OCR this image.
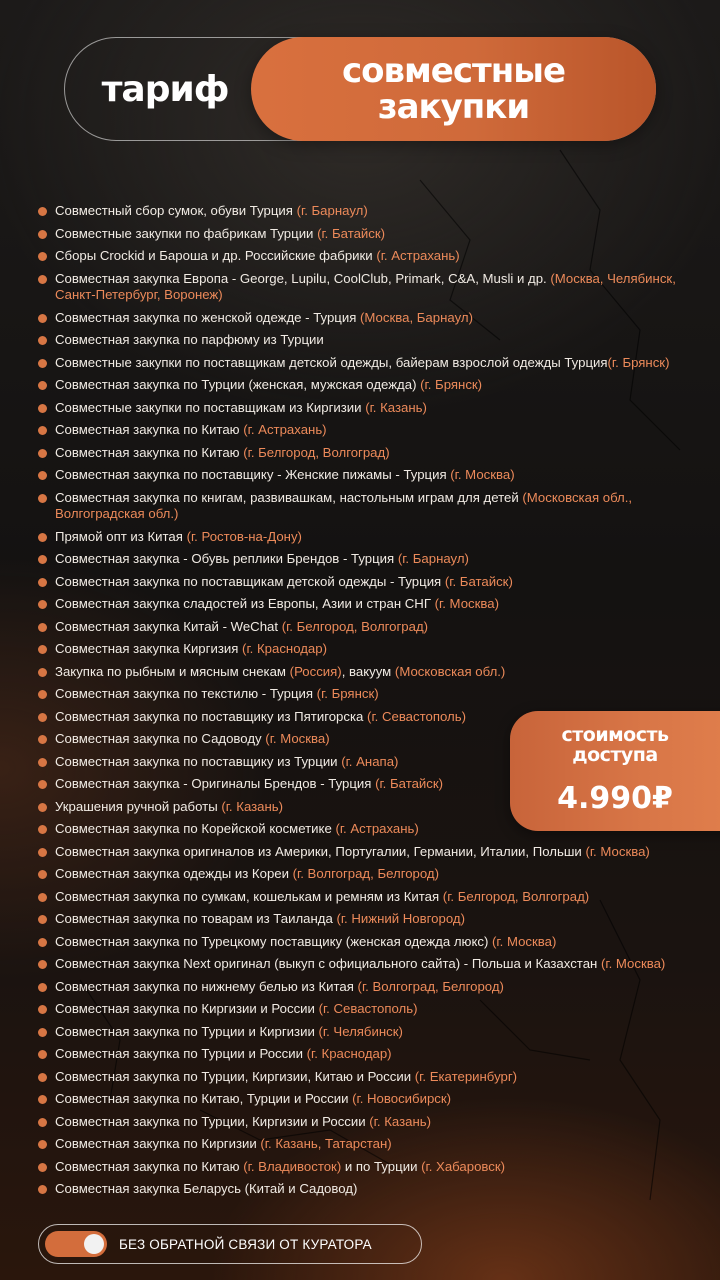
тариф	совместные
закупки
Совместный сбор сумок, обуви Турция (г. Барнаул)
Совместные закупки по фабрикам Турции (г. Батайск)
Сборы Crockid и Бароша и др. Российские фабрики (г. Астрахань)
Совместная закупка Европа - George, Lupilu, CoolClub, Primark, C&A, Musli и др. (Москва, Челябинск, Санкт-Петербург, Воронеж)
Совместная закупка по женской одежде - Турция (Москва, Барнаул)
Совместная закупка по парфюму из Турции
Совместные закупки по поставщикам детской одежды, байерам взрослой одежды Турция(г. Брянск)
Совместная закупка по Турции (женская, мужская одежда) (г. Брянск)
Совместные закупки по поставщикам из Киргизии (г. Казань)
Совместная закупка по Китаю (г. Астрахань)
Совместная закупка по Китаю (г. Белгород, Волгоград)
Совместная закупка по поставщику - Женские пижамы - Турция (г. Москва)
Совместная закупка по книгам, развивашкам, настольным играм для детей (Московская обл., Волгоградская обл.)
Прямой опт из Китая (г. Ростов-на-Дону)
Совместная закупка - Обувь реплики Брендов - Турция (г. Барнаул)
Совместная закупка по поставщикам детской одежды - Турция (г. Батайск)
Совместная закупка сладостей из Европы, Азии и стран СНГ (г. Москва)
Совместная закупка Китай - WeChat (г. Белгород, Волгоград)
Совместная закупка Киргизия (г. Краснодар)
Закупка по рыбным и мясным снекам (Россия), вакуум (Московская обл.)
Совместная закупка по текстилю - Турция (г. Брянск)
Совместная закупка по поставщику из Пятигорска (г. Севастополь)
Совместная закупка по Садоводу (г. Москва)
Совместная закупка по поставщику из Турции (г. Анапа)
Совместная закупка - Оригиналы Брендов - Турция (г. Батайск)
Украшения ручной работы (г. Казань)
Совместная закупка по Корейской косметике (г. Астрахань)
Совместная закупка оригиналов из Америки, Португалии, Германии, Италии, Польши (г. Москва)
Совместная закупка одежды из Кореи (г. Волгоград, Белгород)
Совместная закупка по сумкам, кошелькам и ремням из Китая (г. Белгород, Волгоград)
Совместная закупка по товарам из Таиланда (г. Нижний Новгород)
Совместная закупка по Турецкому поставщику (женская одежда люкс) (г. Москва)
Совместная закупка Next оригинал (выкуп с официального сайта) - Польша и Казахстан (г. Москва)
Совместная закупка по нижнему белью из Китая (г. Волгоград, Белгород)
Совместная закупка по Киргизии и России (г. Севастополь)
Совместная закупка по Турции и Киргизии (г. Челябинск)
Совместная закупка по Турции и России (г. Краснодар)
Совместная закупка по Турции, Киргизии, Китаю и России (г. Екатеринбург)
Совместная закупка по Китаю, Турции и России (г. Новосибирск)
Совместная закупка по Турции, Киргизии и России (г. Казань)
Совместная закупка по Киргизии (г. Казань, Татарстан)
Совместная закупка по Китаю (г. Владивосток) и по Турции (г. Хабаровск)
Совместная закупка Беларусь (Китай и Садовод)
стоимость
доступа
4.990₽
БЕЗ ОБРАТНОЙ СВЯЗИ ОТ КУРАТОРА
